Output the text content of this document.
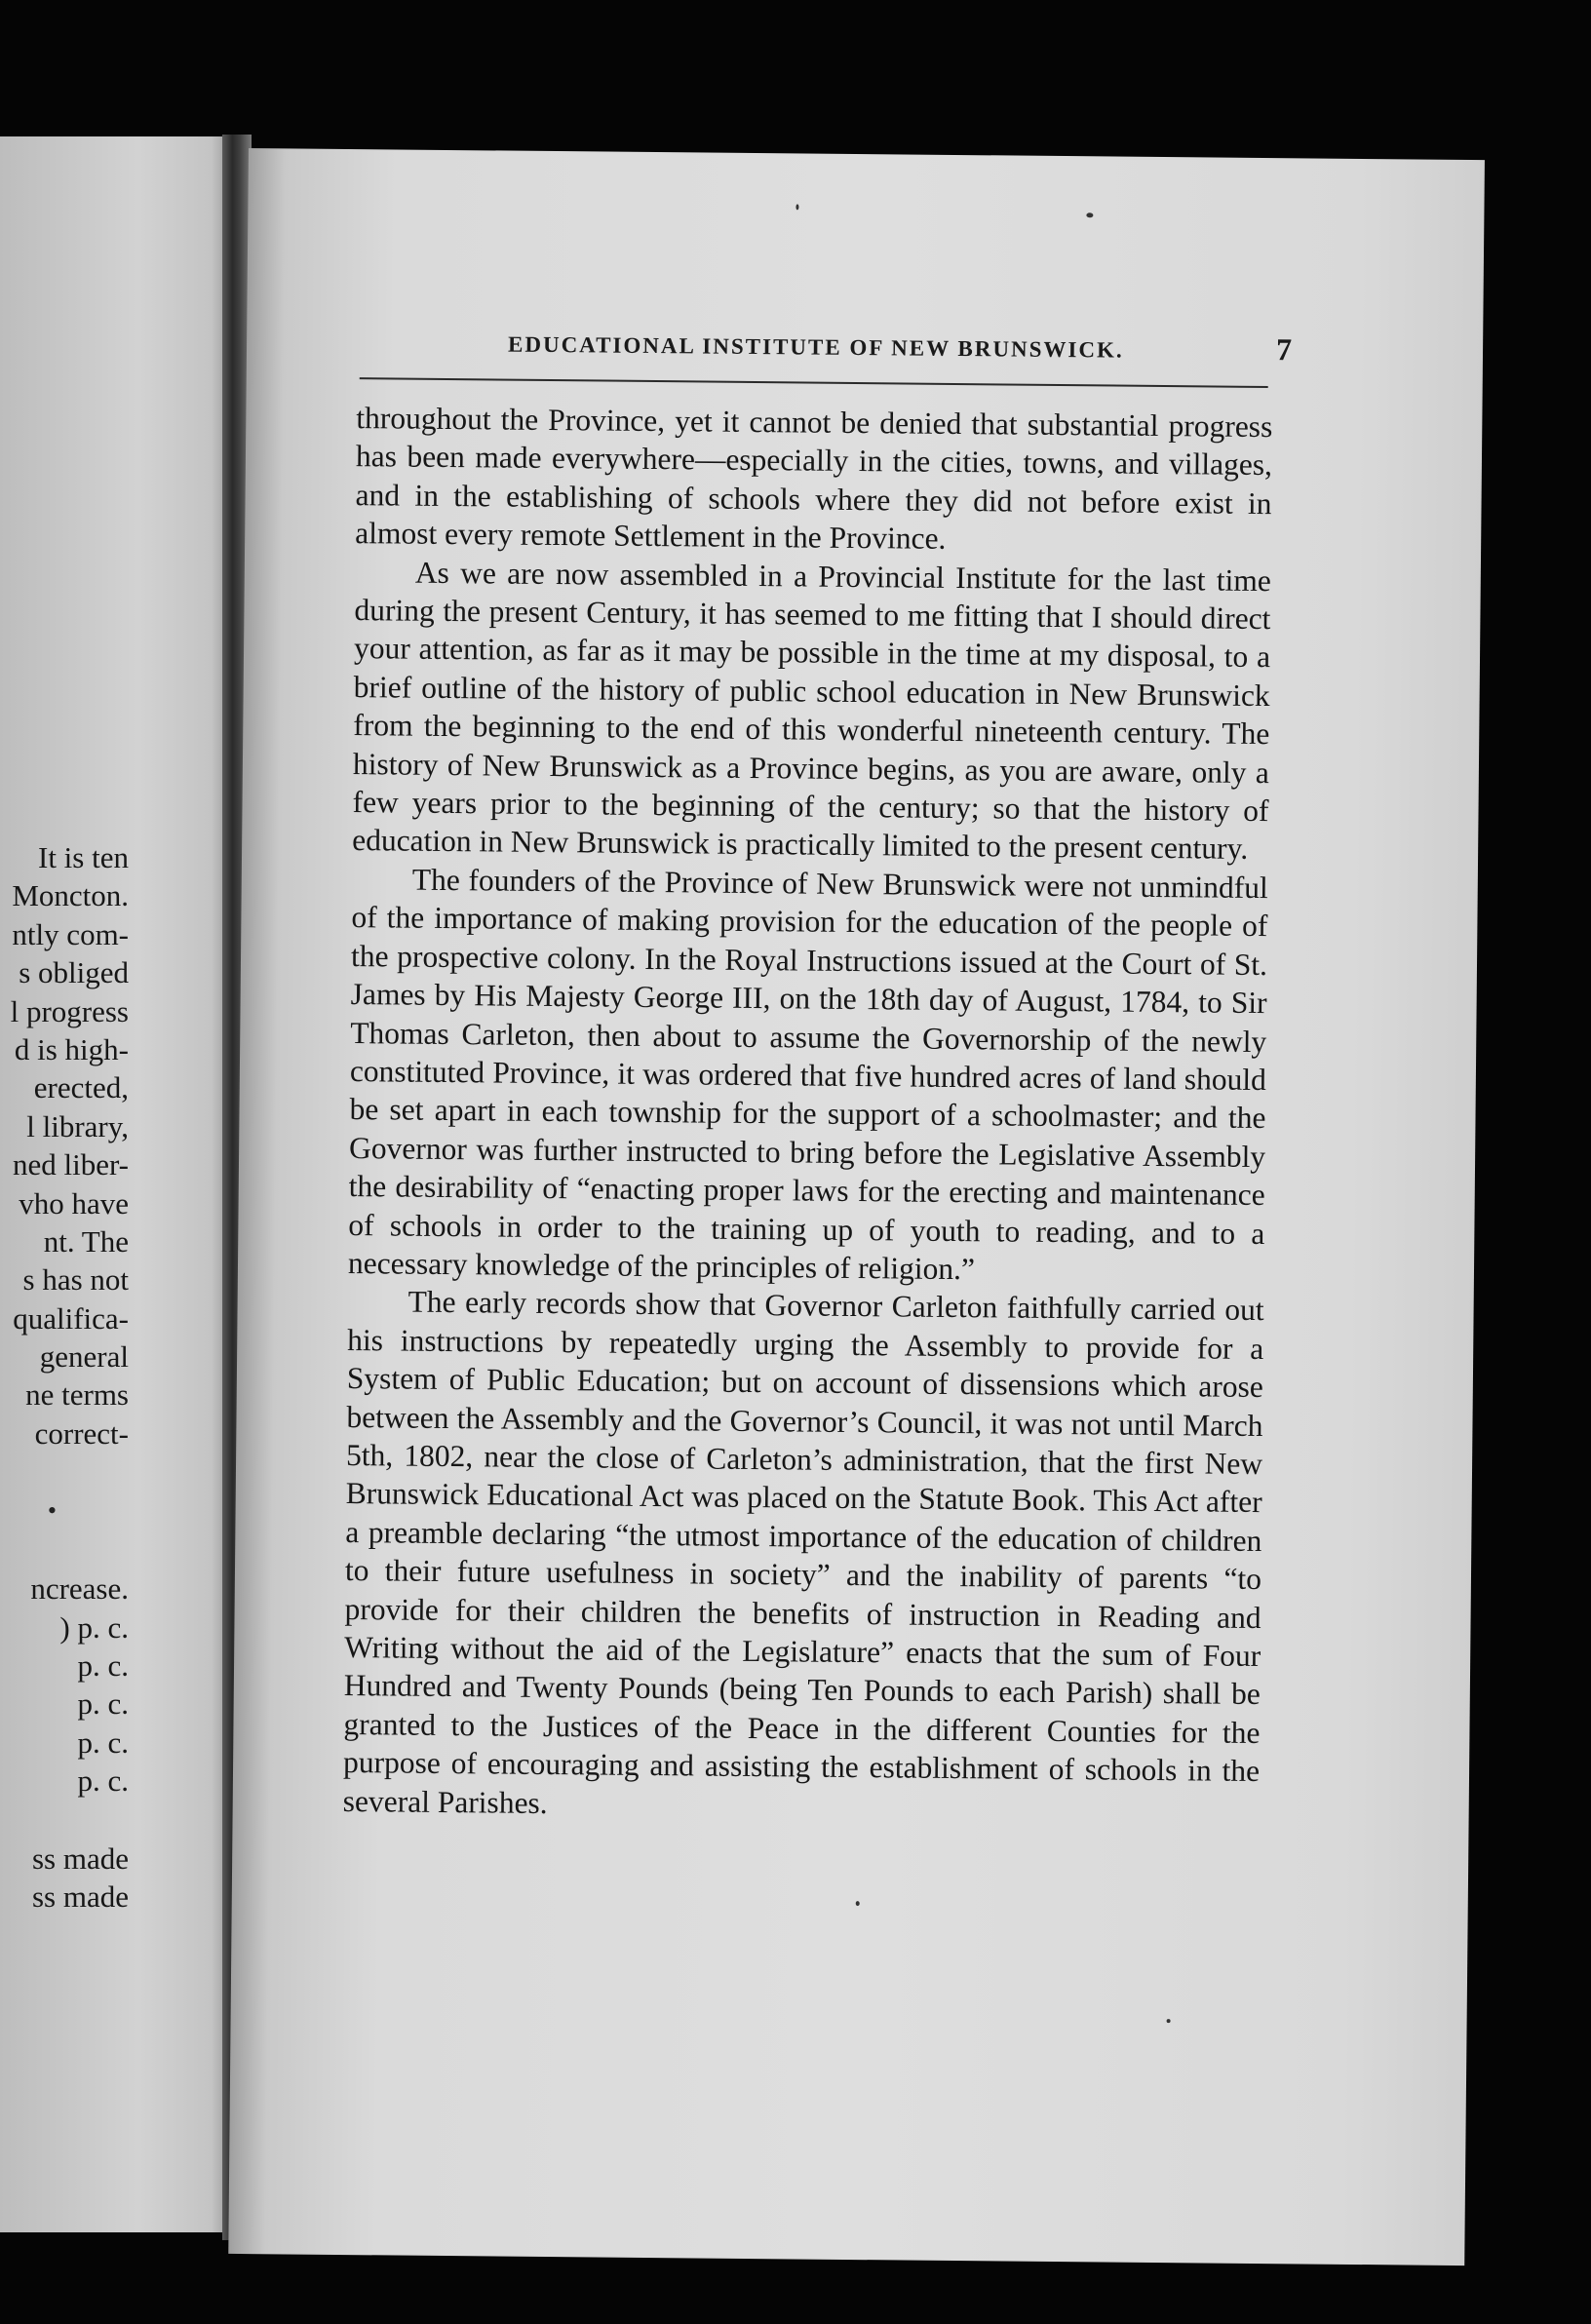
It is ten
Moncton.
ntly com-
s obliged
l progress
d is high-
erected,
l library,
ned liber-
vho have
nt. The
s has not
qualifica-
general
ne terms
correct-
•
ncrease.
) p. c.
p. c.
p. c.
p. c.
p. c.
ss made
ss made
EDUCATIONAL INSTITUTE OF NEW BRUNSWICK.	7

throughout the Province, yet it cannot be denied that substantial progress has been made everywhere—especially in the cities, towns, and villages, and in the establishing of schools where they did not before exist in almost every remote Settlement in the Province.

As we are now assembled in a Provincial Institute for the last time during the present Century, it has seemed to me fitting that I should direct your attention, as far as it may be possible in the time at my disposal, to a brief outline of the history of public school education in New Brunswick from the beginning to the end of this wonderful nineteenth century. The history of New Brunswick as a Province begins, as you are aware, only a few years prior to the beginning of the century; so that the history of education in New Brunswick is practically limited to the present century.

The founders of the Province of New Brunswick were not unmindful of the importance of making provision for the education of the people of the prospective colony. In the Royal Instructions issued at the Court of St. James by His Majesty George III, on the 18th day of August, 1784, to Sir Thomas Carleton, then about to assume the Governorship of the newly constituted Province, it was ordered that five hundred acres of land should be set apart in each township for the support of a schoolmaster; and the Governor was further instructed to bring before the Legislative Assembly the desirability of “enacting proper laws for the erecting and maintenance of schools in order to the training up of youth to reading, and to a necessary knowledge of the principles of religion.”

The early records show that Governor Carleton faithfully carried out his instructions by repeatedly urging the Assembly to provide for a System of Public Education; but on account of dissensions which arose between the Assembly and the Governor’s Council, it was not until March 5th, 1802, near the close of Carleton’s administration, that the first New Brunswick Educational Act was placed on the Statute Book. This Act after a preamble declaring “the utmost importance of the education of children to their future usefulness in society” and the inability of parents “to provide for their children the benefits of instruction in Reading and Writing without the aid of the Legislature” enacts that the sum of Four Hundred and Twenty Pounds (being Ten Pounds to each Parish) shall be granted to the Justices of the Peace in the different Counties for the purpose of encouraging and assisting the establishment of schools in the several Parishes.
